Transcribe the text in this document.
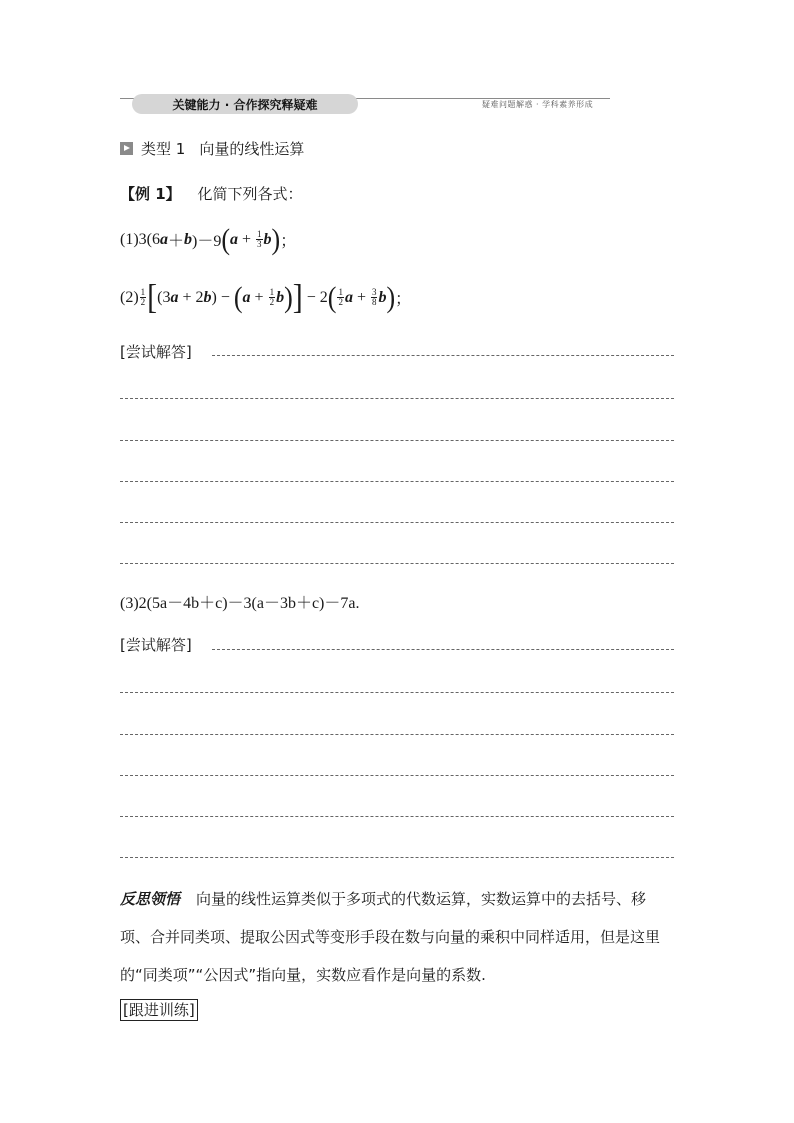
关键能力 · 合作探究释疑难	疑难问题解惑 · 学科素养形成
类型 1 向量的线性运算
【例 1】 化简下列各式：
(1) 3(6 a ＋ b )－9 ( $a + \frac{1}{3}$ b ) ；
$(2) \frac{1}{2}$ [ (3 a + 2 b ) − ( $a + \frac{1}{2}$ b ) ] − 2 ( $\frac{1}{2}$ $a + \frac{3}{8}$ b ) ；
[尝试解答]
(3)2(5a－4b＋c)－3(a－3b＋c)－7a.
[尝试解答]
反思领悟 向量的线性运算类似于多项式的代数运算，实数运算中的去括号、移项、合并同类项、提取公因式等变形手段在数与向量的乘积中同样适用，但是这里的“同类项”“公因式”指向量，实数应看作是向量的系数.
[跟进训练]
